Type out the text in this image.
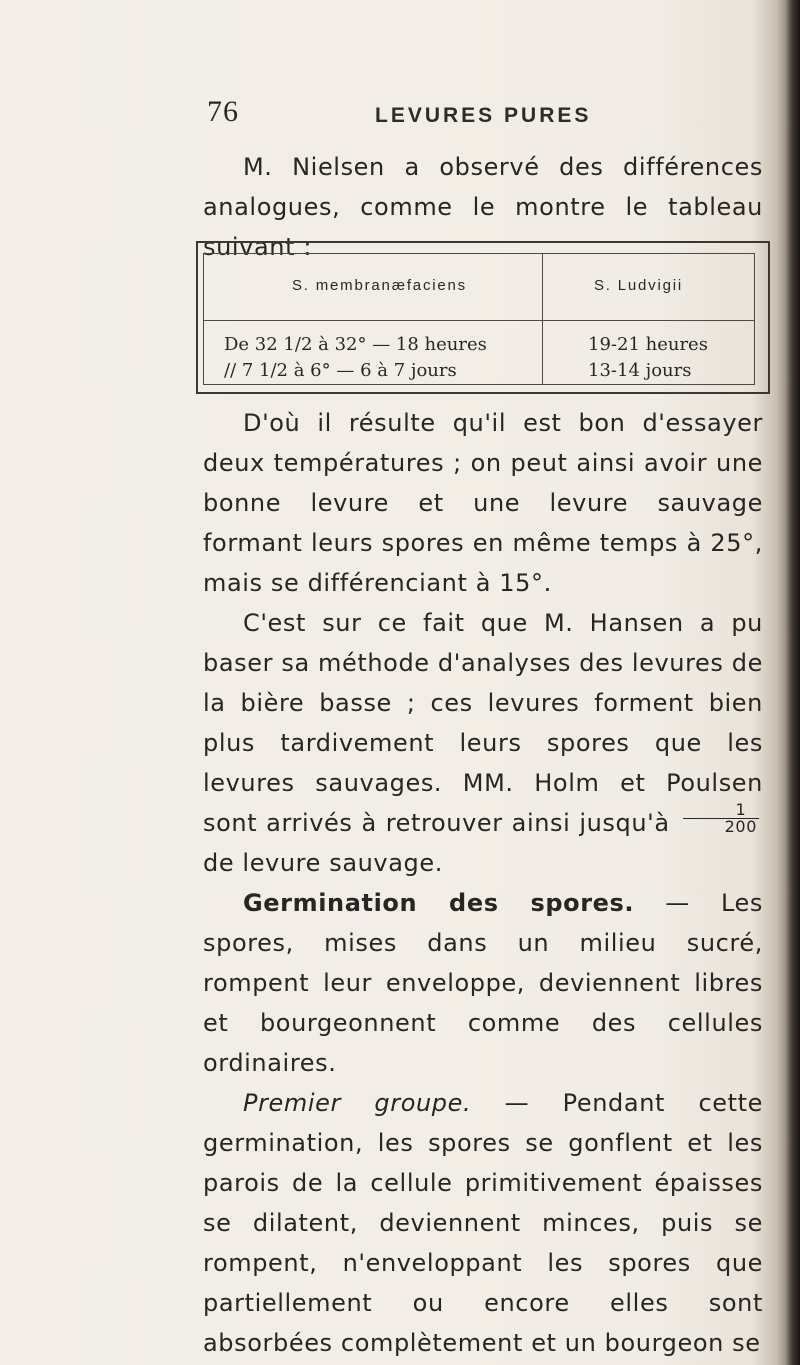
76	LEVURES PURES
M. Nielsen a observé des différences analogues, comme le montre le tableau suivant :
S. membranæfaciens	S. Ludvigii
De 32 1/2 à 32° — 18 heures
// 7 1/2 à 6° — 6 à 7 jours
19-21 heures
13-14 jours

D'où il résulte qu'il est bon d'essayer deux températures ; on peut ainsi avoir une bonne levure et une levure sauvage formant leurs spores en même temps à 25°, mais se différenciant à 15°.

C'est sur ce fait que M. Hansen a pu baser sa méthode d'analyses des levures de la bière basse ; ces levures forment bien plus tardivement leurs spores que les levures sauvages. MM. Holm et Poulsen sont arrivés à retrouver ainsi jusqu'à $\frac{1}{200}$
de levure sauvage.

Germination des spores. — Les spores, mises dans un milieu sucré, rompent leur enveloppe, deviennent libres et bourgeonnent comme des cellules ordinaires.

Premier groupe. — Pendant cette germination, les spores se gonflent et les parois de la cellule primitivement épaisses se dilatent, deviennent minces, puis se rompent, n'enveloppant les spores que partiellement ou encore elles sont absorbées complètement et un bourgeon se
